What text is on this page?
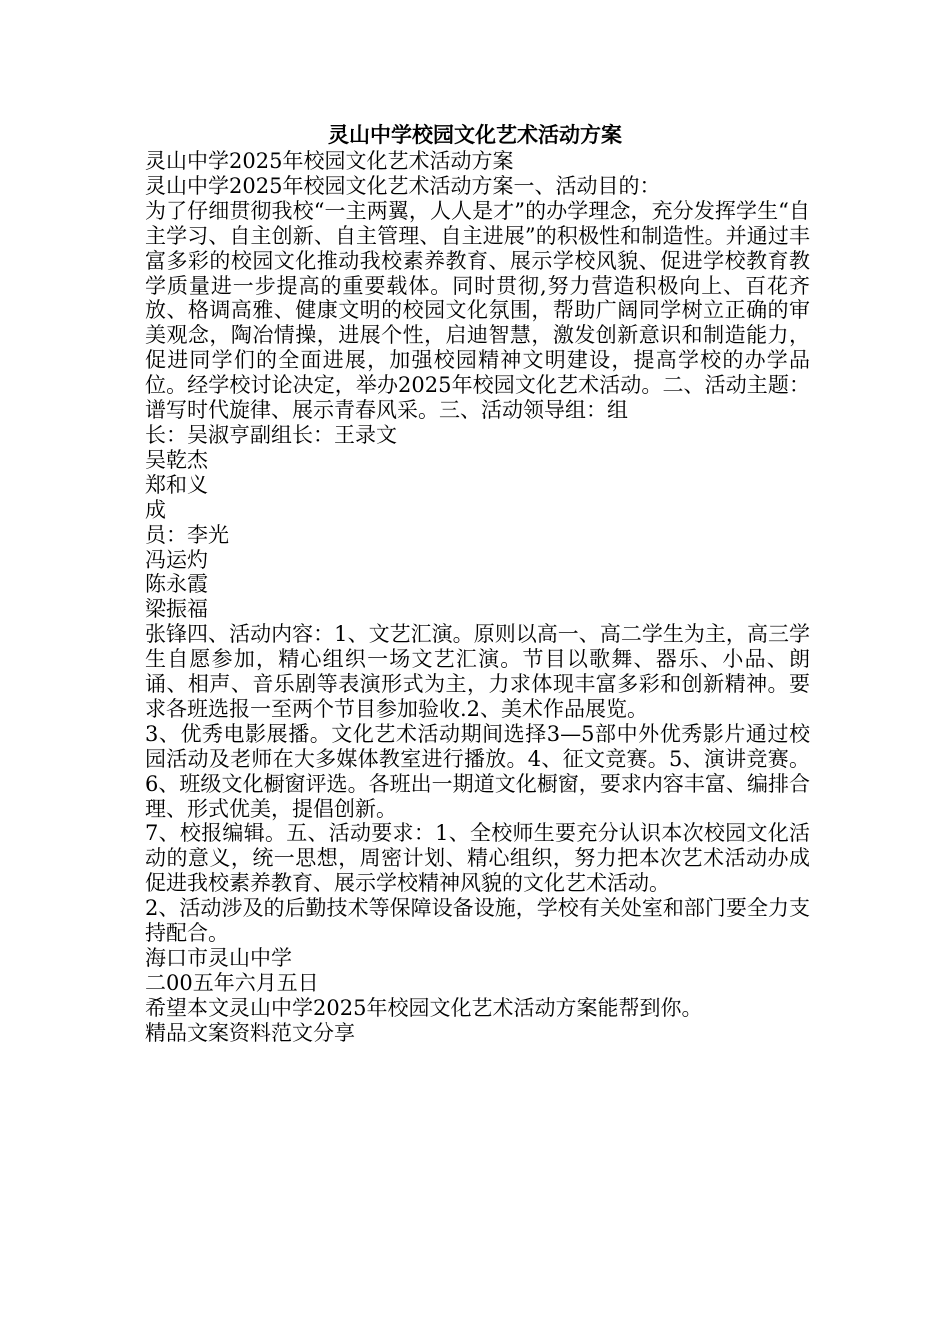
灵山中学校园文化艺术活动方案

灵山中学2025年校园文化艺术活动方案

灵山中学2025年校园文化艺术活动方案一、活动目的：

为了仔细贯彻我校“一主两翼，人人是才”的办学理念，充分发挥学生“自主学习、自主创新、自主管理、自主进展”的积极性和制造性。并通过丰富多彩的校园文化推动我校素养教育、展示学校风貌、促进学校教育教学质量进一步提高的重要载体。同时贯彻,努力营造积极向上、百花齐放、格调高雅、健康文明的校园文化氛围，帮助广阔同学树立正确的审美观念，陶冶情操，进展个性，启迪智慧，激发创新意识和制造能力，促进同学们的全面进展，加强校园精神文明建设，提高学校的办学品位。经学校讨论决定，举办2025年校园文化艺术活动。二、活动主题：谱写时代旋律、展示青春风采。三、活动领导组：组

长：吴淑亨副组长：王录文

吴乾杰

郑和义

成

员：李光

冯运灼

陈永霞

梁振福

张锋四、活动内容：1、文艺汇演。原则以高一、高二学生为主，高三学生自愿参加，精心组织一场文艺汇演。节目以歌舞、器乐、小品、朗诵、相声、音乐剧等表演形式为主，力求体现丰富多彩和创新精神。要求各班选报一至两个节目参加验收.2、美术作品展览。

3、优秀电影展播。文化艺术活动期间选择3—5部中外优秀影片通过校园活动及老师在大多媒体教室进行播放。4、征文竞赛。5、演讲竞赛。6、班级文化橱窗评选。各班出一期道文化橱窗，要求内容丰富、编排合理、形式优美，提倡创新。

7、校报编辑。五、活动要求：1、全校师生要充分认识本次校园文化活动的意义，统一思想，周密计划、精心组织，努力把本次艺术活动办成促进我校素养教育、展示学校精神风貌的文化艺术活动。

2、活动涉及的后勤技术等保障设备设施，学校有关处室和部门要全力支持配合。

海口市灵山中学

二00五年六月五日

希望本文灵山中学2025年校园文化艺术活动方案能帮到你。

精品文案资料范文分享
